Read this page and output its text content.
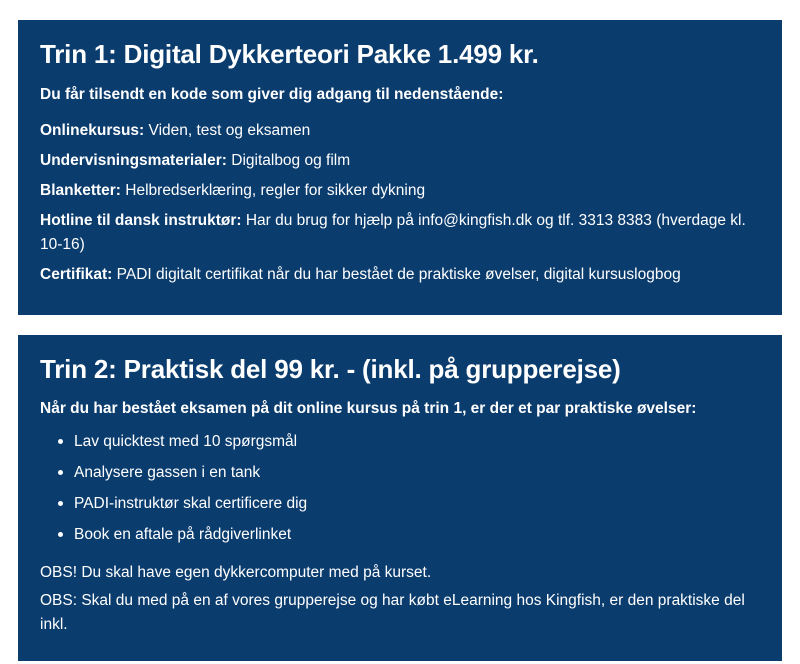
Trin 1: Digital Dykkerteori Pakke 1.499 kr.

Du får tilsendt en kode som giver dig adgang til nedenstående:

Onlinekursus: Viden, test og eksamen
Undervisningsmaterialer: Digitalbog og film
Blanketter: Helbredserklæring, regler for sikker dykning
Hotline til dansk instruktør: Har du brug for hjælp på info@kingfish.dk og tlf. 3313 8383 (hverdage kl. 10-16)
Certifikat: PADI digitalt certifikat når du har bestået de praktiske øvelser, digital kursuslogbog
Trin 2: Praktisk del 99 kr. - (inkl. på grupperejse)

Når du har bestået eksamen på dit online kursus på trin 1, er der et par praktiske øvelser:

Lav quicktest med 10 spørgsmål
Analysere gassen i en tank
PADI-instruktør skal certificere dig
Book en aftale på rådgiverlinket

OBS! Du skal have egen dykkercomputer med på kurset.

OBS: Skal du med på en af vores grupperejse og har købt eLearning hos Kingfish, er den praktiske del inkl.
